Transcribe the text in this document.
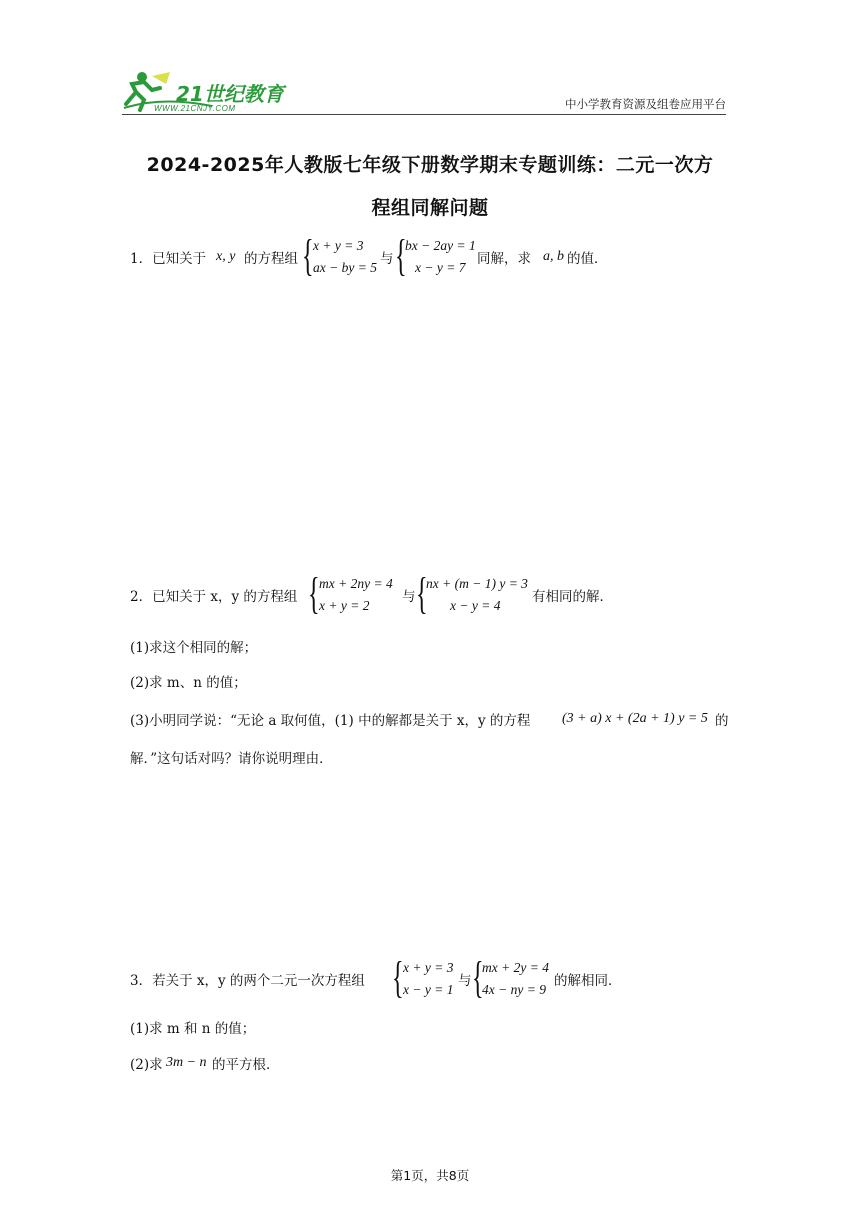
21世纪教育
WWW.21CNJY.COM	中小学教育资源及组卷应用平台
2024-2025年人教版七年级下册数学期末专题训练：二元一次方
程组同解问题
1．已知关于 x, y 的方程组 { x + y = 3
ax − by = 5
与 {
bx − 2ay = 1
x − y = 7
同解，求 a, b 的值．
2．已知关于 x，y 的方程组 { mx + 2ny = 4
x + y = 2
与 {
nx + (m − 1) y = 3
x − y = 4
有相同的解．
(1)求这个相同的解；
(2)求 m、n 的值；
(3)小明同学说：“无论 a 取何值，(1) 中的解都是关于 x，y 的方程 (3 + a) x + (2a + 1) y = 5 的
解．”这句话对吗？请你说明理由．
3．若关于 x，y 的两个二元一次方程组 { x + y = 3
x − y = 1
与 {
mx + 2y = 4
4x − ny = 9
的解相同．
(1)求 m 和 n 的值；
(2)求 3m − n 的平方根．
第1页，共8页
